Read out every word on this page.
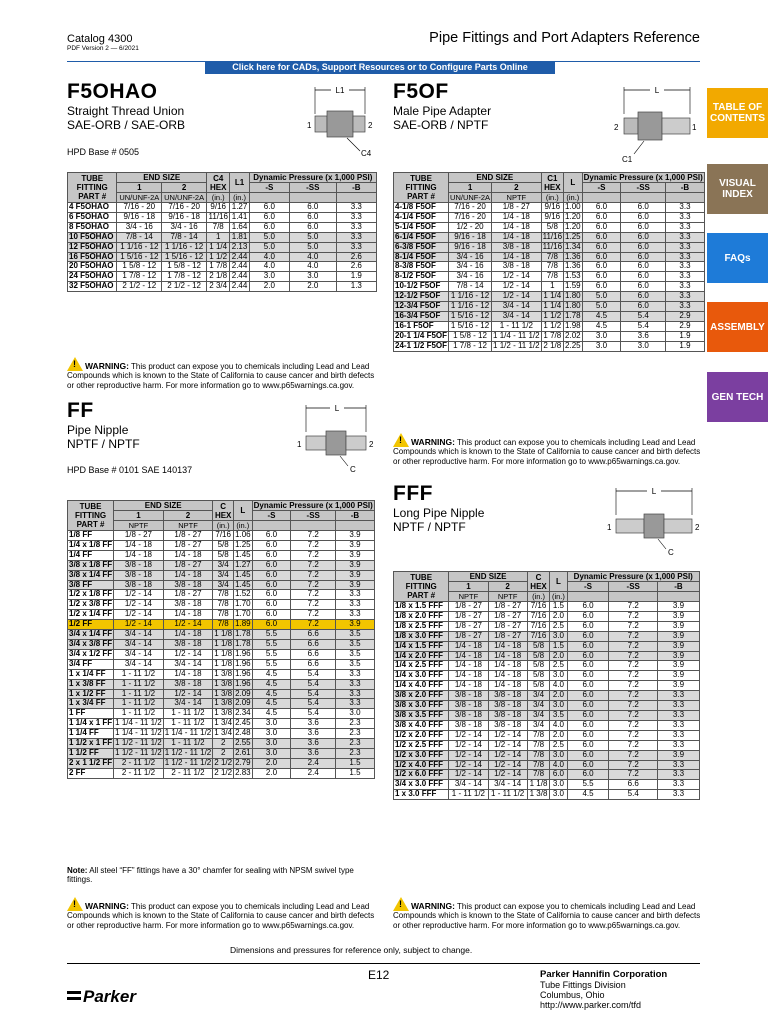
Catalog 4300
PDF Version 2 — 6/2021
Pipe Fittings and Port Adapters Reference
Click here for CADs, Support Resources or to Configure Parts Online
TABLE OF CONTENTS
VISUAL INDEX
FAQs
ASSEMBLY
GEN TECH
F5OHAO
Straight Thread Union
SAE-ORB / SAE-ORB
HPD Base # 0505
L1
1	2
C4
TUBE
FITTING
PART #	END SIZE		C4
HEX	L1	Dynamic Pressure (x 1,000 PSI)		
	1	2			-S	-SS	-B
	UN/UNF-2A	UN/UNF-2A	(in.)	(in.)			
4 F5OHAO	7/16 - 20	7/16 - 20	9/16	1.27	6.0	6.0	3.3
6 F5OHAO	9/16 - 18	9/16 - 18	11/16	1.41	6.0	6.0	3.3
8 F5OHAO	3/4 - 16	3/4 - 16	7/8	1.64	6.0	6.0	3.3
10 F5OHAO	7/8 - 14	7/8 - 14	1	1.81	5.0	5.0	3.3
12 F5OHAO	1 1/16 - 12	1 1/16 - 12	1 1/4	2.13	5.0	5.0	3.3
16 F5OHAO	1 5/16 - 12	1 5/16 - 12	1 1/2	2.44	4.0	4.0	2.6
20 F5OHAO	1 5/8 - 12	1 5/8 - 12	1 7/8	2.44	4.0	4.0	2.6
24 F5OHAO	1 7/8 - 12	1 7/8 - 12	2 1/8	2.44	3.0	3.0	1.9
32 F5OHAO	2 1/2 - 12	2 1/2 - 12	2 3/4	2.44	2.0	2.0	1.3
!WARNING: This product can expose you to chemicals including Lead and Lead Compounds which is known to the State of California to cause cancer and birth defects or other reproductive harm. For more information go to www.p65warnings.ca.gov.
F5OF
Male Pipe Adapter
SAE-ORB / NPTF
L
2	1
C1
TUBE
FITTING
PART #	END SIZE		C1
HEX	L	Dynamic Pressure (x 1,000 PSI)		
	1	2			-S	-SS	-B
	UN/UNF-2A	NPTF	(in.)	(in.)			
4-1/8 F5OF	7/16 - 20	1/8 - 27	9/16	1.00	6.0	6.0	3.3
4-1/4 F5OF	7/16 - 20	1/4 - 18	9/16	1.20	6.0	6.0	3.3
5-1/4 F5OF	1/2 - 20	1/4 - 18	5/8	1.20	6.0	6.0	3.3
6-1/4 F5OF	9/16 - 18	1/4 - 18	11/16	1.25	6.0	6.0	3.3
6-3/8 F5OF	9/16 - 18	3/8 - 18	11/16	1.34	6.0	6.0	3.3
8-1/4 F5OF	3/4 - 16	1/4 - 18	7/8	1.36	6.0	6.0	3.3
8-3/8 F5OF	3/4 - 16	3/8 - 18	7/8	1.36	6.0	6.0	3.3
8-1/2 F5OF	3/4 - 16	1/2 - 14	7/8	1.53	6.0	6.0	3.3
10-1/2 F5OF	7/8 - 14	1/2 - 14	1	1.59	6.0	6.0	3.3
12-1/2 F5OF	1 1/16 - 12	1/2 - 14	1 1/4	1.80	5.0	6.0	3.3
12-3/4 F5OF	1 1/16 - 12	3/4 - 14	1 1/4	1.80	5.0	6.0	3.3
16-3/4 F5OF	1 5/16 - 12	3/4 - 14	1 1/2	1.78	4.5	5.4	2.9
16-1 F5OF	1 5/16 - 12	1 - 11 1/2	1 1/2	1.98	4.5	5.4	2.9
20-1 1/4 F5OF	1 5/8 - 12	1 1/4 - 11 1/2	1 7/8	2.02	3.0	3.6	1.9
24-1 1/2 F5OF	1 7/8 - 12	1 1/2 - 11 1/2	2 1/8	2.25	3.0	3.0	1.9
!WARNING: This product can expose you to chemicals including Lead and Lead Compounds which is known to the State of California to cause cancer and birth defects or other reproductive harm. For more information go to www.p65warnings.ca.gov.
FF
Pipe Nipple
NPTF / NPTF
HPD Base # 0101 SAE 140137
L
1	2
C
TUBE
FITTING
PART #	END SIZE		C
HEX	L	Dynamic Pressure (x 1,000 PSI)		
	1	2			-S	-SS	-B
	NPTF	NPTF	(in.)	(in.)			
1/8 FF	1/8 - 27	1/8 - 27	7/16	1.06	6.0	7.2	3.9
1/4 x 1/8 FF	1/4 - 18	1/8 - 27	5/8	1.25	6.0	7.2	3.9
1/4 FF	1/4 - 18	1/4 - 18	5/8	1.45	6.0	7.2	3.9
3/8 x 1/8 FF	3/8 - 18	1/8 - 27	3/4	1.27	6.0	7.2	3.9
3/8 x 1/4 FF	3/8 - 18	1/4 - 18	3/4	1.45	6.0	7.2	3.9
3/8 FF	3/8 - 18	3/8 - 18	3/4	1.45	6.0	7.2	3.9
1/2 x 1/8 FF	1/2 - 14	1/8 - 27	7/8	1.52	6.0	7.2	3.3
1/2 x 3/8 FF	1/2 - 14	3/8 - 18	7/8	1.70	6.0	7.2	3.3
1/2 x 1/4 FF	1/2 - 14	1/4 - 18	7/8	1.70	6.0	7.2	3.3
1/2 FF	1/2 - 14	1/2 - 14	7/8	1.89	6.0	7.2	3.9
3/4 x 1/4 FF	3/4 - 14	1/4 - 18	1 1/8	1.78	5.5	6.6	3.5
3/4 x 3/8 FF	3/4 - 14	3/8 - 18	1 1/8	1.78	5.5	6.6	3.5
3/4 x 1/2 FF	3/4 - 14	1/2 - 14	1 1/8	1.96	5.5	6.6	3.5
3/4 FF	3/4 - 14	3/4 - 14	1 1/8	1.96	5.5	6.6	3.5
1 x 1/4 FF	1 - 11 1/2	1/4 - 18	1 3/8	1.96	4.5	5.4	3.3
1 x 3/8 FF	1 - 11 1/2	3/8 - 18	1 3/8	1.96	4.5	5.4	3.3
1 x 1/2 FF	1 - 11 1/2	1/2 - 14	1 3/8	2.09	4.5	5.4	3.3
1 x 3/4 FF	1 - 11 1/2	3/4 - 14	1 3/8	2.09	4.5	5.4	3.3
1 FF	1 - 11 1/2	1 - 11 1/2	1 3/8	2.34	4.5	5.4	3.0
1 1/4 x 1 FF	1 1/4 - 11 1/2	1 - 11 1/2	1 3/4	2.45	3.0	3.6	2.3
1 1/4 FF	1 1/4 - 11 1/2	1 1/4 - 11 1/2	1 3/4	2.48	3.0	3.6	2.3
1 1/2 x 1 FF	1 1/2 - 11 1/2	1 - 11 1/2	2	2.55	3.0	3.6	2.3
1 1/2 FF	1 1/2 - 11 1/2	1 1/2 - 11 1/2	2	2.61	3.0	3.6	2.3
2 x 1 1/2 FF	2 - 11 1/2	1 1/2 - 11 1/2	2 1/2	2.79	2.0	2.4	1.5
2 FF	2 - 11 1/2	2 - 11 1/2	2 1/2	2.83	2.0	2.4	1.5
Note: All steel “FF” fittings have a 30° chamfer for sealing with NPSM swivel type fittings.
!WARNING: This product can expose you to chemicals including Lead and Lead Compounds which is known to the State of California to cause cancer and birth defects or other reproductive harm. For more information go to www.p65warnings.ca.gov.
FFF
Long Pipe Nipple
NPTF / NPTF
L
1	2
C
TUBE
FITTING
PART #	END SIZE		C
HEX	L	Dynamic Pressure (x 1,000 PSI)		
	1	2			-S	-SS	-B
	NPTF	NPTF	(in.)	(in.)			
1/8 x 1.5 FFF	1/8 - 27	1/8 - 27	7/16	1.5	6.0	7.2	3.9
1/8 x 2.0 FFF	1/8 - 27	1/8 - 27	7/16	2.0	6.0	7.2	3.9
1/8 x 2.5 FFF	1/8 - 27	1/8 - 27	7/16	2.5	6.0	7.2	3.9
1/8 x 3.0 FFF	1/8 - 27	1/8 - 27	7/16	3.0	6.0	7.2	3.9
1/4 x 1.5 FFF	1/4 - 18	1/4 - 18	5/8	1.5	6.0	7.2	3.9
1/4 x 2.0 FFF	1/4 - 18	1/4 - 18	5/8	2.0	6.0	7.2	3.9
1/4 x 2.5 FFF	1/4 - 18	1/4 - 18	5/8	2.5	6.0	7.2	3.9
1/4 x 3.0 FFF	1/4 - 18	1/4 - 18	5/8	3.0	6.0	7.2	3.9
1/4 x 4.0 FFF	1/4 - 18	1/4 - 18	5/8	4.0	6.0	7.2	3.9
3/8 x 2.0 FFF	3/8 - 18	3/8 - 18	3/4	2.0	6.0	7.2	3.3
3/8 x 3.0 FFF	3/8 - 18	3/8 - 18	3/4	3.0	6.0	7.2	3.3
3/8 x 3.5 FFF	3/8 - 18	3/8 - 18	3/4	3.5	6.0	7.2	3.3
3/8 x 4.0 FFF	3/8 - 18	3/8 - 18	3/4	4.0	6.0	7.2	3.3
1/2 x 2.0 FFF	1/2 - 14	1/2 - 14	7/8	2.0	6.0	7.2	3.3
1/2 x 2.5 FFF	1/2 - 14	1/2 - 14	7/8	2.5	6.0	7.2	3.3
1/2 x 3.0 FFF	1/2 - 14	1/2 - 14	7/8	3.0	6.0	7.2	3.9
1/2 x 4.0 FFF	1/2 - 14	1/2 - 14	7/8	4.0	6.0	7.2	3.3
1/2 x 6.0 FFF	1/2 - 14	1/2 - 14	7/8	6.0	6.0	7.2	3.3
3/4 x 3.0 FFF	3/4 - 14	3/4 - 14	1 1/8	3.0	5.5	6.6	3.3
1 x 3.0 FFF	1 - 11 1/2	1 - 11 1/2	1 3/8	3.0	4.5	5.4	3.3
!WARNING: This product can expose you to chemicals including Lead and Lead Compounds which is known to the State of California to cause cancer and birth defects or other reproductive harm. For more information go to www.p65warnings.ca.gov.
Dimensions and pressures for reference only, subject to change.
E12	Parker Hannifin Corporation
Tube Fittings Division
Columbus, Ohio
http://www.parker.com/tfd
Parker
